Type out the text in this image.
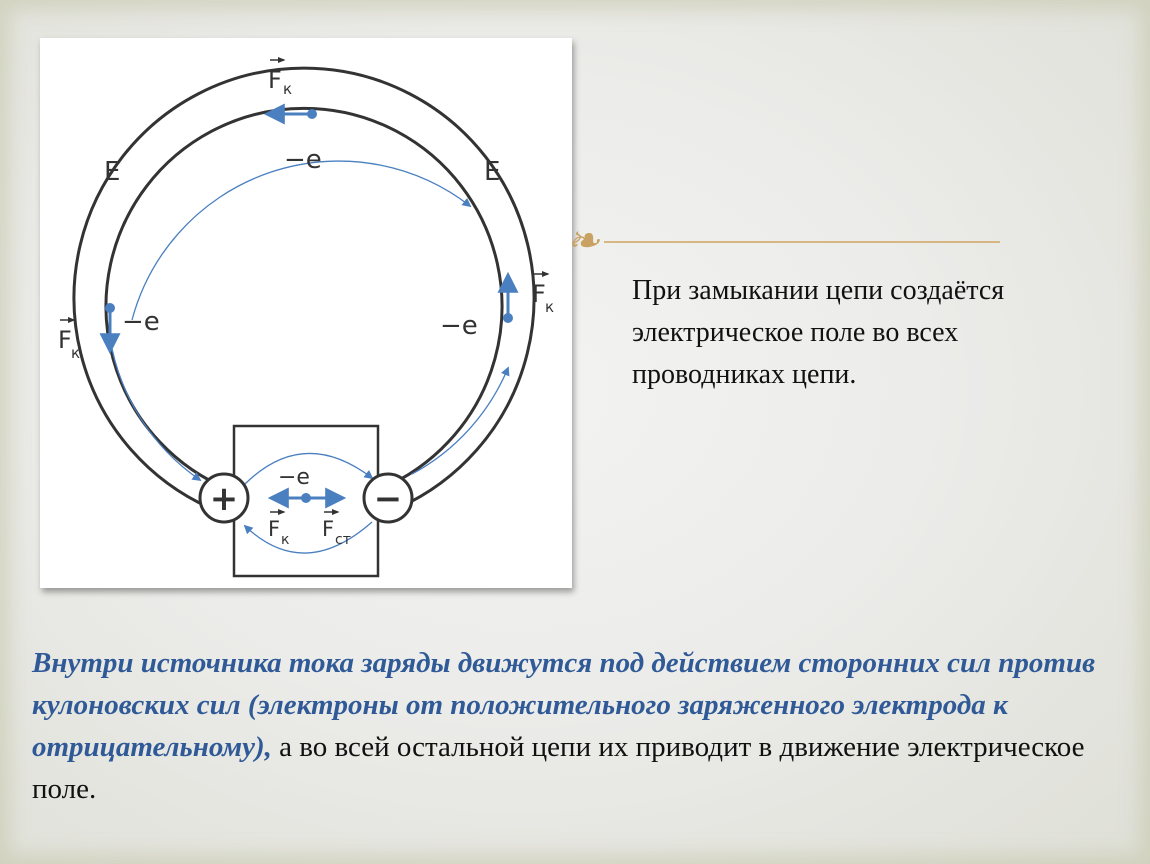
+	−
E	E
−e
−e	−e
−e
F к
F к
F к
F к F ст
❧
При замыкании цепи создаётся электрическое поле во всех проводниках цепи.
Внутри источника тока заряды движутся под действием сторонних сил против кулоновских сил (электроны от положительного заряженного электрода к отрицательному), а во всей остальной цепи их приводит в движение электрическое поле.
